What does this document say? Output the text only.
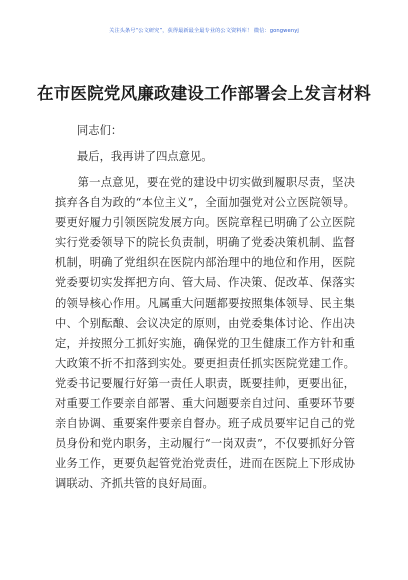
关注头条号“公文研究”，获得最新最全最专业的公文资料库！ 微信：gongwenyj
在市医院党风廉政建设工作部署会上发言材料
同志们：
最后，我再讲了四点意见。
第一点意见，要在党的建设中切实做到履职尽责，坚决摈弃各自为政的“本位主义”，全面加强党对公立医院领导。要更好履力引领医院发展方向。医院章程已明确了公立医院实行党委领导下的院长负责制，明确了党委决策机制、监督机制，明确了党组织在医院内部治理中的地位和作用，医院党委要切实发挥把方向、管大局、作决策、促改革、保落实的领导核心作用。凡属重大问题都要按照集体领导、民主集中、个别酝酿、会议决定的原则，由党委集体讨论、作出决定，并按照分工抓好实施，确保党的卫生健康工作方针和重大政策不折不扣落到实处。要更担责任抓实医院党建工作。党委书记要履行好第一责任人职责，既要挂帅，更要出征，对重要工作要亲自部署、重大问题要亲自过问、重要环节要亲自协调、重要案件要亲自督办。班子成员要牢记自己的党员身份和党内职务，主动履行“一岗双责”，不仅要抓好分管业务工作，更要负起管党治党责任，进而在医院上下形成协调联动、齐抓共管的良好局面。
